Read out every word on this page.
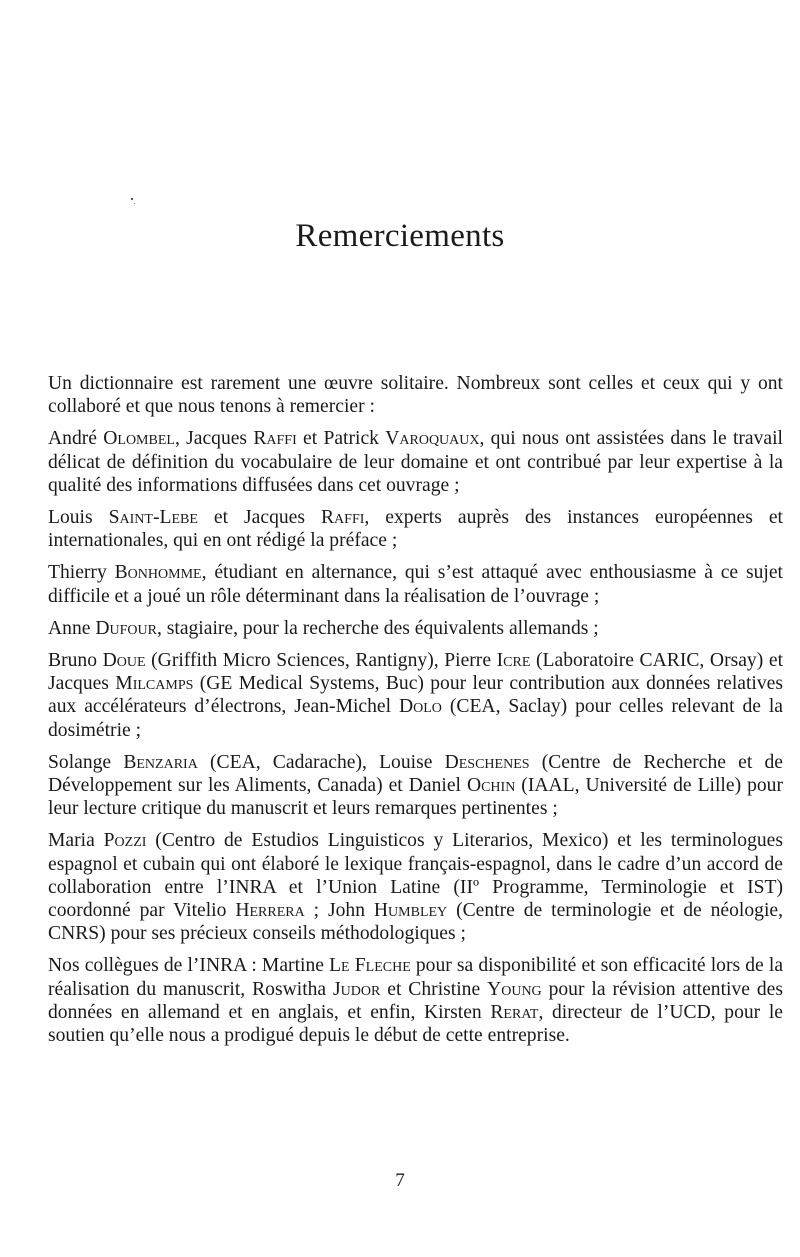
Remerciements

Un dictionnaire est rarement une œuvre solitaire. Nombreux sont celles et ceux qui y ont collaboré et que nous tenons à remercier :

André Olombel, Jacques Raffi et Patrick Varoquaux, qui nous ont assistées dans le travail délicat de définition du vocabulaire de leur domaine et ont contribué par leur expertise à la qualité des informations diffusées dans cet ouvrage ;

Louis Saint-Lebe et Jacques Raffi, experts auprès des instances européennes et internationales, qui en ont rédigé la préface ;

Thierry Bonhomme, étudiant en alternance, qui s’est attaqué avec enthousiasme à ce sujet difficile et a joué un rôle déterminant dans la réalisation de l’ouvrage ;

Anne Dufour, stagiaire, pour la recherche des équivalents allemands ;

Bruno Doue (Griffith Micro Sciences, Rantigny), Pierre Icre (Laboratoire CARIC, Orsay) et Jacques Milcamps (GE Medical Systems, Buc) pour leur contribution aux données relatives aux accélérateurs d’électrons, Jean-Michel Dolo (CEA, Saclay) pour celles relevant de la dosimétrie ;

Solange Benzaria (CEA, Cadarache), Louise Deschenes (Centre de Recherche et de Développement sur les Aliments, Canada) et Daniel Ochin (IAAL, Université de Lille) pour leur lecture critique du manuscrit et leurs remarques pertinentes ;

Maria Pozzi (Centro de Estudios Linguisticos y Literarios, Mexico) et les terminologues espagnol et cubain qui ont élaboré le lexique français-espagnol, dans le cadre d’un accord de collaboration entre l’INRA et l’Union Latine (IIº Programme, Terminologie et IST) coordonné par Vitelio Herrera ; John Humbley (Centre de terminologie et de néologie, CNRS) pour ses précieux conseils méthodologiques ;

Nos collègues de l’INRA : Martine Le Fleche pour sa disponibilité et son efficacité lors de la réalisation du manuscrit, Roswitha Judor et Christine Young pour la révision attentive des données en allemand et en anglais, et enfin, Kirsten Rerat, directeur de l’UCD, pour le soutien qu’elle nous a prodigué depuis le début de cette entreprise.

7
